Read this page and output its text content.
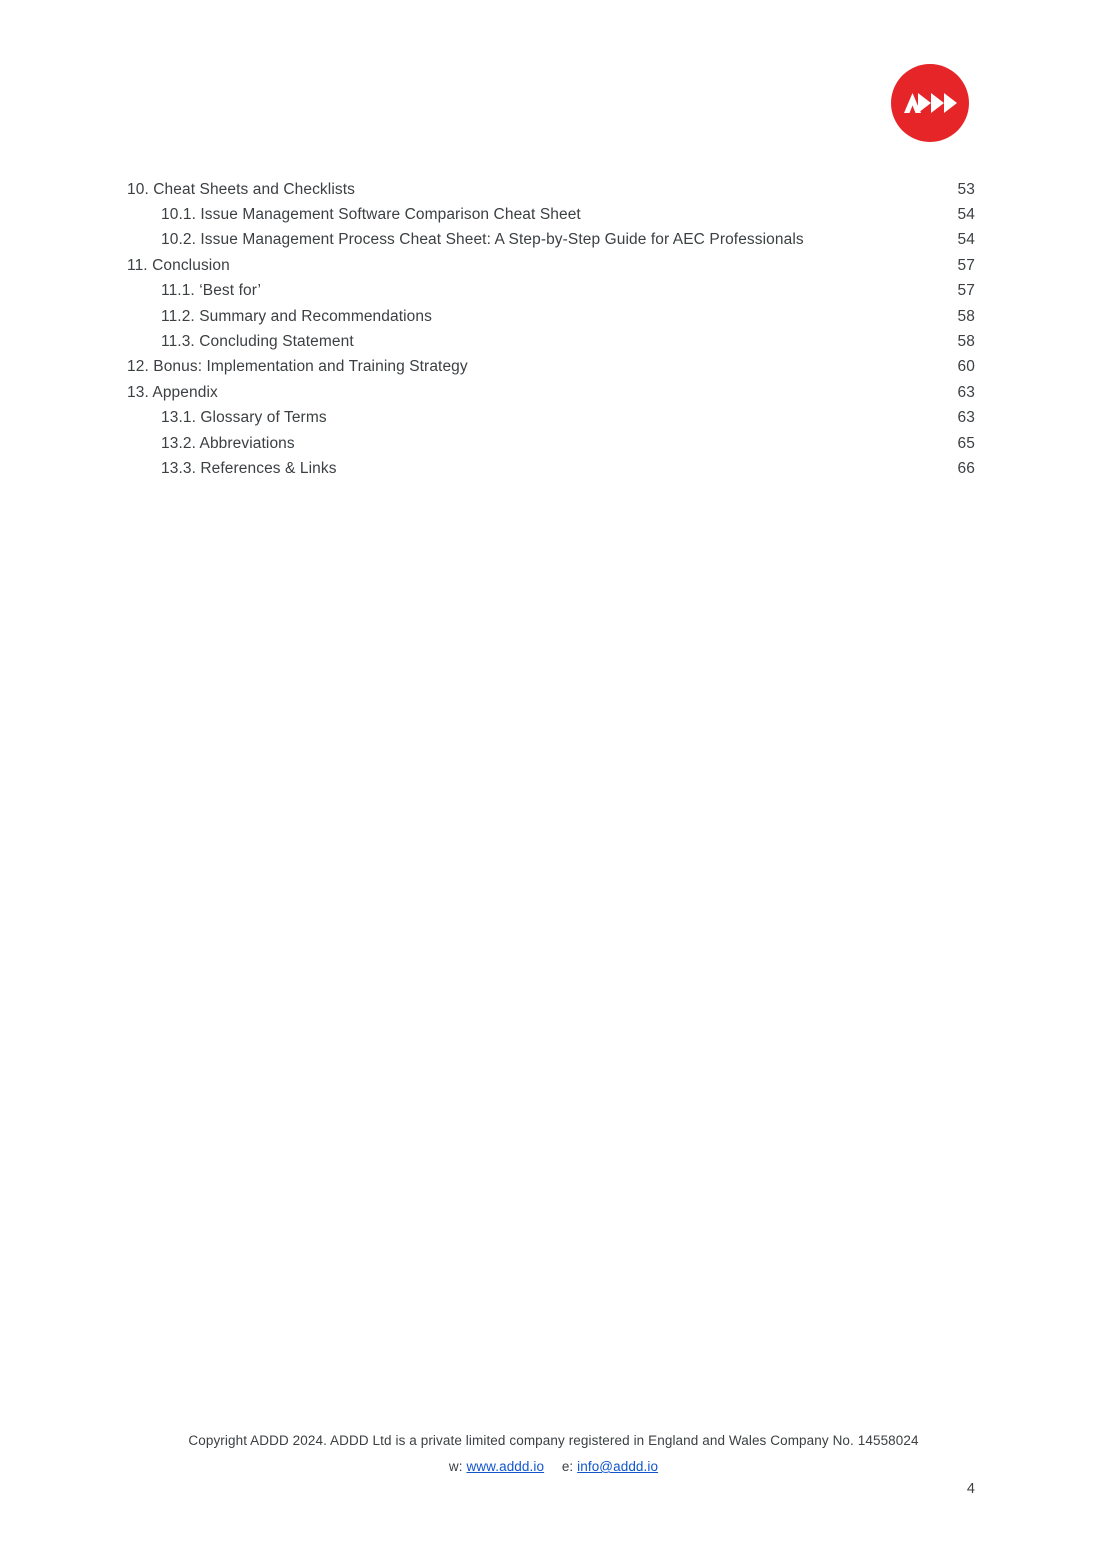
10. Cheat Sheets and Checklists	53
10.1. Issue Management Software Comparison Cheat Sheet	54
10.2. Issue Management Process Cheat Sheet: A Step-by-Step Guide for AEC Professionals	54
11. Conclusion	57
11.1. ‘Best for’	57
11.2. Summary and Recommendations	58
11.3. Concluding Statement	58
12. Bonus: Implementation and Training Strategy	60
13. Appendix	63
13.1. Glossary of Terms	63
13.2. Abbreviations	65
13.3. References & Links	66
Copyright ADDD 2024. ADDD Ltd is a private limited company registered in England and Wales Company No. 14558024
w: www.addd.io e: info@addd.io
4
